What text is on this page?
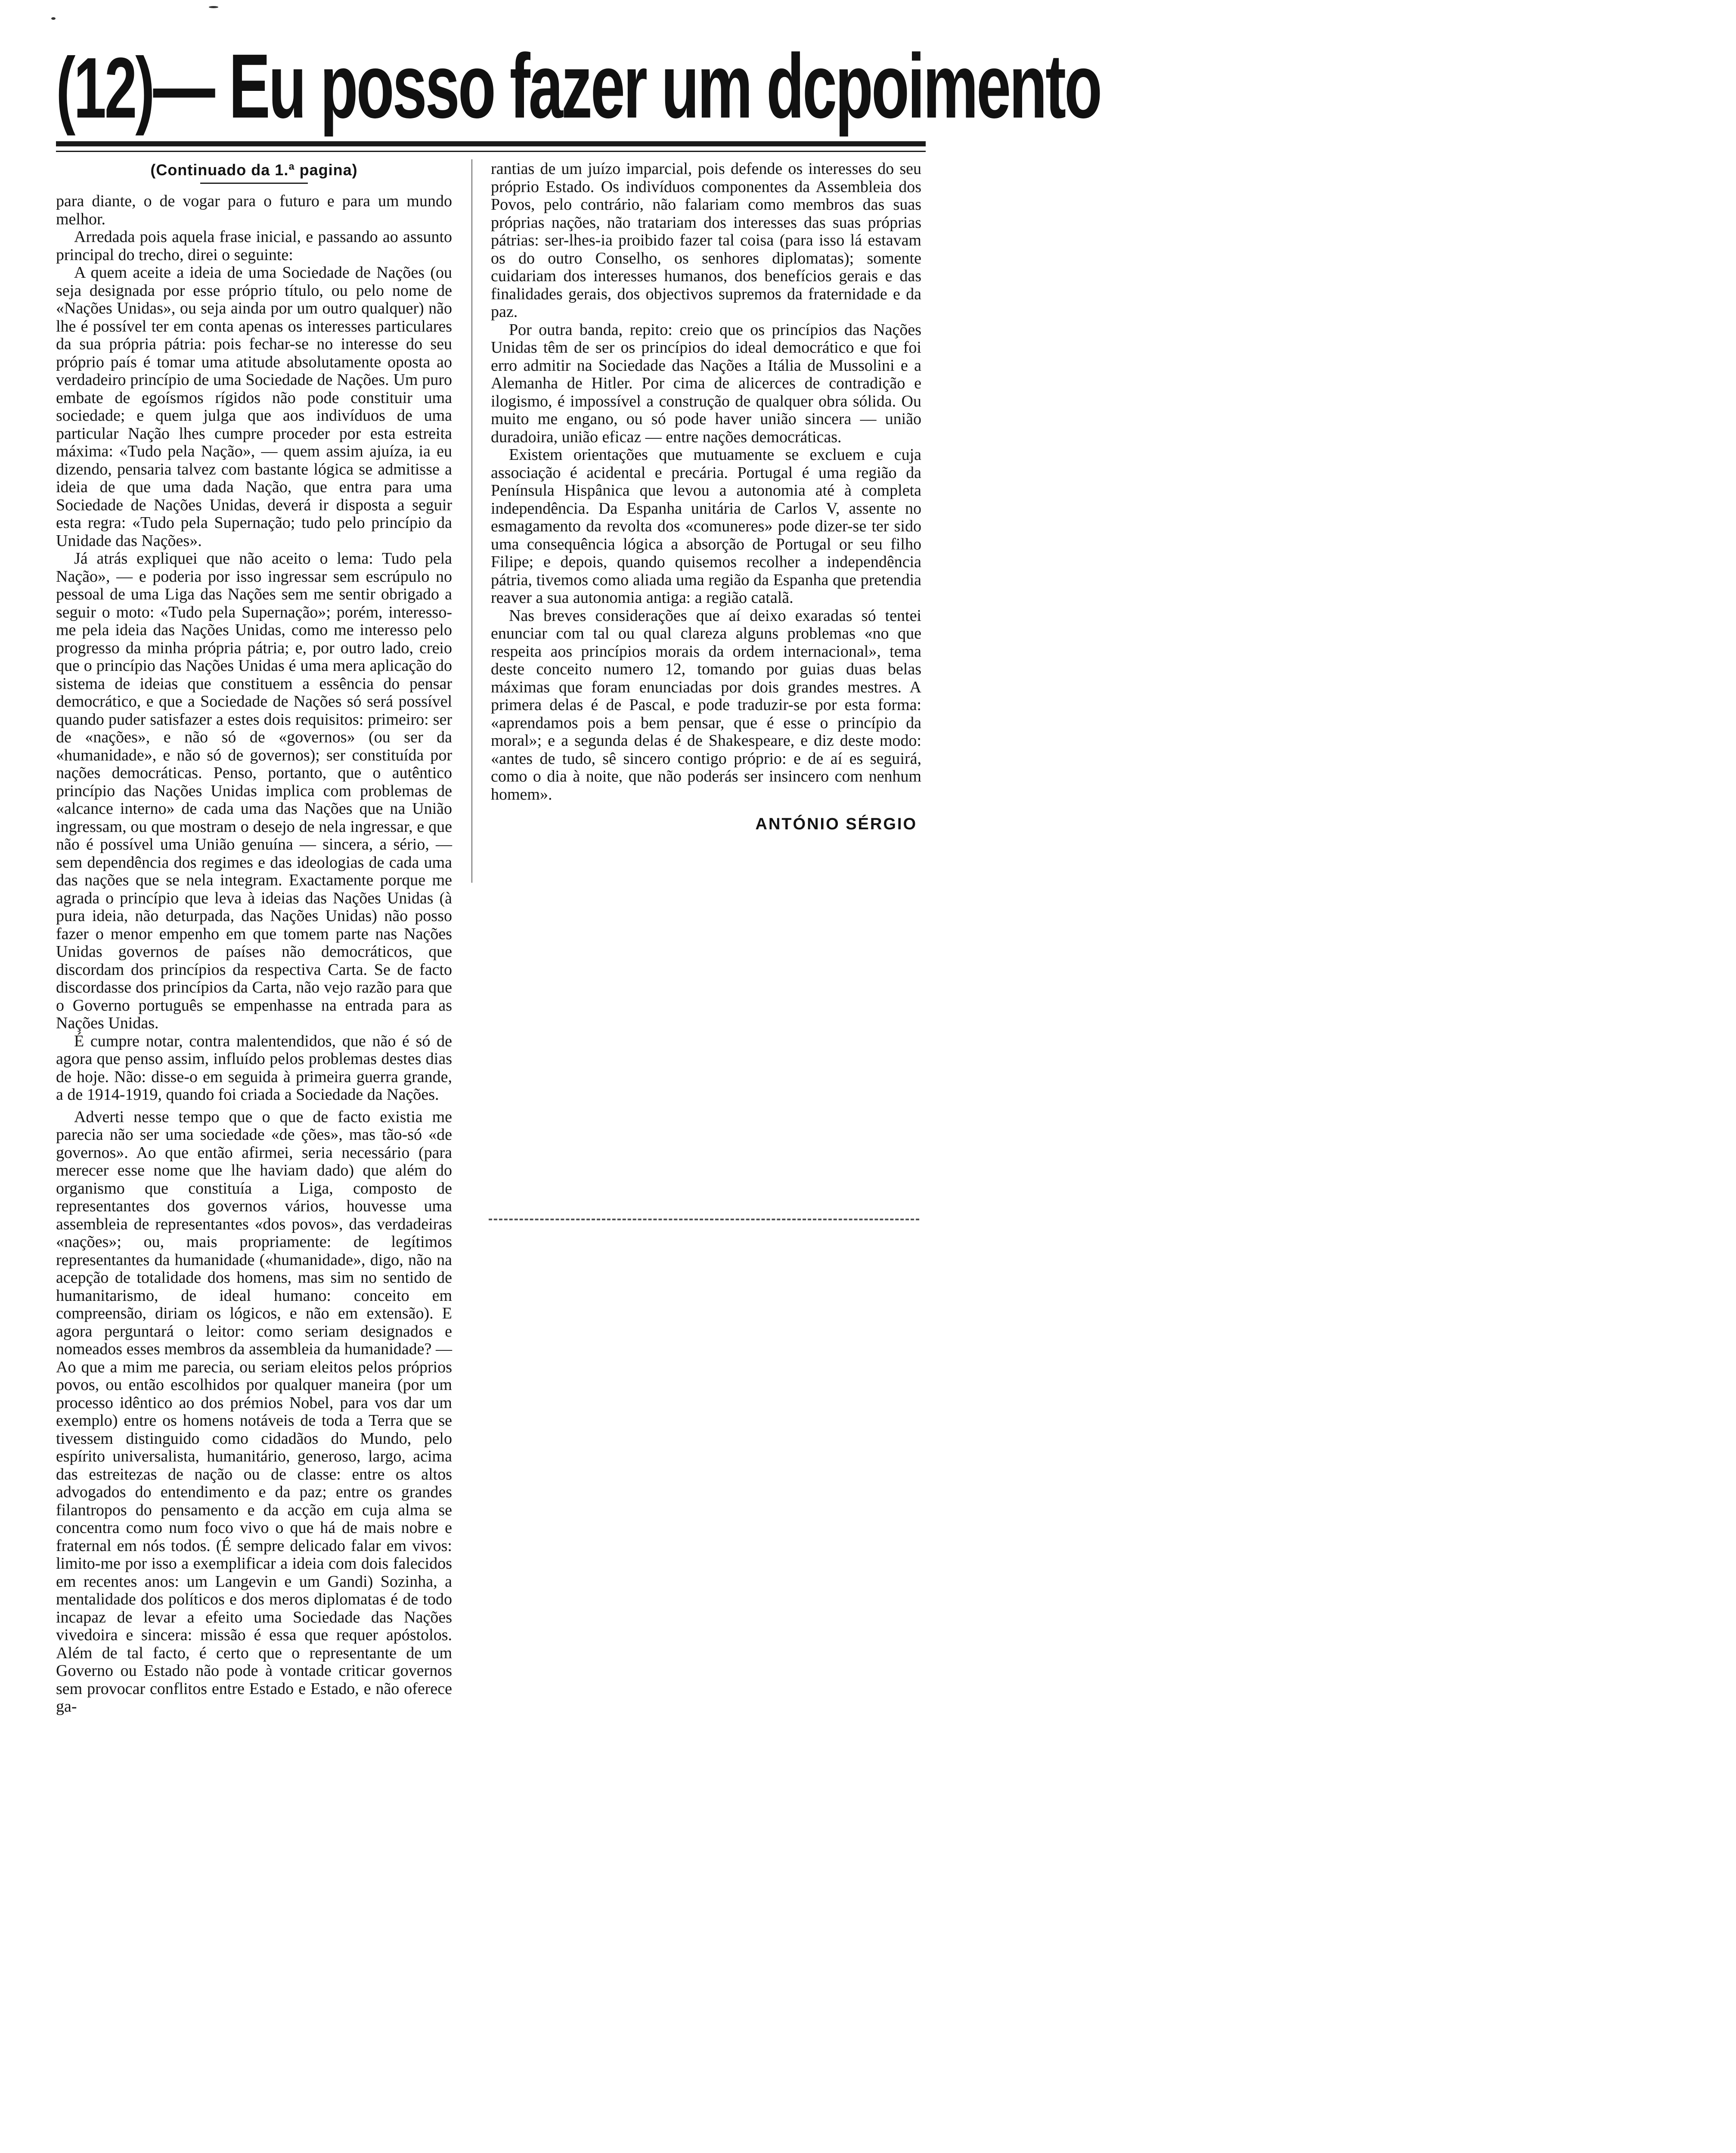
(12)— Eu posso fazer um dcpoimento
(Continuado da 1.ª pagina)

para diante, o de vogar para o futuro e para um mundo melhor.

Arredada pois aquela frase inicial, e passando ao assunto principal do trecho, direi o seguinte:

A quem aceite a ideia de uma Sociedade de Nações (ou seja designada por esse próprio título, ou pelo nome de «Nações Unidas», ou seja ainda por um outro qualquer) não lhe é possível ter em conta apenas os interesses particulares da sua própria pátria: pois fechar-se no interesse do seu próprio país é tomar uma atitude absolutamente oposta ao verdadeiro princípio de uma Sociedade de Nações. Um puro embate de egoísmos rígidos não pode constituir uma sociedade; e quem julga que aos indivíduos de uma particular Nação lhes cumpre proceder por esta estreita máxima: «Tudo pela Nação», — quem assim ajuíza, ia eu dizendo, pensaria talvez com bastante lógica se admitisse a ideia de que uma dada Nação, que entra para uma Sociedade de Nações Unidas, deverá ir disposta a seguir esta regra: «Tudo pela Supernação; tudo pelo princípio da Unidade das Nações».

Já atrás expliquei que não aceito o lema: Tudo pela Nação», — e poderia por isso ingressar sem escrúpulo no pessoal de uma Liga das Nações sem me sentir obrigado a seguir o moto: «Tudo pela Supernação»; porém, interesso-me pela ideia das Nações Unidas, como me interesso pelo progresso da minha própria pátria; e, por outro lado, creio que o princípio das Nações Unidas é uma mera aplicação do sistema de ideias que constituem a essência do pensar democrático, e que a Sociedade de Nações só será possível quando puder satisfazer a estes dois requisitos: primeiro: ser de «nações», e não só de «governos» (ou ser da «humanidade», e não só de governos); ser constituída por nações democráticas. Penso, portanto, que o autêntico princípio das Nações Unidas implica com problemas de «alcance interno» de cada uma das Nações que na União ingressam, ou que mostram o desejo de nela ingressar, e que não é possível uma União genuína — sincera, a sério, — sem dependência dos regimes e das ideologias de cada uma das nações que se nela integram. Exactamente porque me agrada o princípio que leva à ideias das Nações Unidas (à pura ideia, não deturpada, das Nações Unidas) não posso fazer o menor empenho em que tomem parte nas Nações Unidas governos de países não democráticos, que discordam dos princípios da respectiva Carta. Se de facto discordasse dos princípios da Carta, não vejo razão para que o Governo português se empenhasse na entrada para as Nações Unidas.

É cumpre notar, contra malentendidos, que não é só de agora que penso assim, influído pelos problemas destes dias de hoje. Não: disse-o em seguida à primeira guerra grande, a de 1914-1919, quando foi criada a Sociedade da Nações.

Adverti nesse tempo que o que de facto existia me parecia não ser uma sociedade «de ções», mas tão-só «de governos». Ao que então afirmei, seria necessário (para merecer esse nome que lhe haviam dado) que além do organismo que constituía a Liga, composto de representantes dos governos vários, houvesse uma assembleia de representantes «dos povos», das verdadeiras «nações»; ou, mais propriamente: de legítimos representantes da humanidade («humanidade», digo, não na acepção de totalidade dos homens, mas sim no sentido de humanitarismo, de ideal humano: conceito em compreensão, diriam os lógicos, e não em extensão). E agora perguntará o leitor: como seriam designados e nomeados esses membros da assembleia da humanidade? — Ao que a mim me parecia, ou seriam eleitos pelos próprios povos, ou então escolhidos por qualquer maneira (por um processo idêntico ao dos prémios Nobel, para vos dar um exemplo) entre os homens notáveis de toda a Terra que se tivessem distinguido como cidadãos do Mundo, pelo espírito universalista, humanitário, generoso, largo, acima das estreitezas de nação ou de classe: entre os altos advogados do entendimento e da paz; entre os grandes filantropos do pensamento e da acção em cuja alma se concentra como num foco vivo o que há de mais nobre e fraternal em nós todos. (É sempre delicado falar em vivos: limito-me por isso a exemplificar a ideia com dois falecidos em recentes anos: um Langevin e um Gandi) Sozinha, a mentalidade dos políticos e dos meros diplomatas é de todo incapaz de levar a efeito uma Sociedade das Nações vivedoira e sincera: missão é essa que requer apóstolos. Além de tal facto, é certo que o representante de um Governo ou Estado não pode à vontade criticar governos sem provocar conflitos entre Estado e Estado, e não oferece ga-

rantias de um juízo imparcial, pois defende os interesses do seu próprio Estado. Os indivíduos componentes da Assembleia dos Povos, pelo contrário, não falariam como membros das suas próprias nações, não tratariam dos interesses das suas próprias pátrias: ser-lhes-ia proibido fazer tal coisa (para isso lá estavam os do outro Conselho, os senhores diplomatas); somente cuidariam dos interesses humanos, dos benefícios gerais e das finalidades gerais, dos objectivos supremos da fraternidade e da paz.

Por outra banda, repito: creio que os princípios das Nações Unidas têm de ser os princípios do ideal democrático e que foi erro admitir na Sociedade das Nações a Itália de Mussolini e a Alemanha de Hitler. Por cima de alicerces de contradição e ilogismo, é impossível a construção de qualquer obra sólida. Ou muito me engano, ou só pode haver união sincera — união duradoira, união eficaz — entre nações democráticas.

Existem orientações que mutuamente se excluem e cuja associação é acidental e precária. Portugal é uma região da Península Hispânica que levou a autonomia até à completa independência. Da Espanha unitária de Carlos V, assente no esmagamento da revolta dos «comuneres» pode dizer-se ter sido uma consequência lógica a absorção de Portugal or seu filho Filipe; e depois, quando quisemos recolher a independência pátria, tivemos como aliada uma região da Espanha que pretendia reaver a sua autonomia antiga: a região catalã.

Nas breves considerações que aí deixo exaradas só tentei enunciar com tal ou qual clareza alguns problemas «no que respeita aos princípios morais da ordem internacional», tema deste conceito numero 12, tomando por guias duas belas máximas que foram enunciadas por dois grandes mestres. A primera delas é de Pascal, e pode traduzir-se por esta forma: «aprendamos pois a bem pensar, que é esse o princípio da moral»; e a segunda delas é de Shakespeare, e diz deste modo: «antes de tudo, sê sincero contigo próprio: e de aí es seguirá, como o dia à noite, que não poderás ser insincero com nenhum homem».

ANTÓNIO SÉRGIO
